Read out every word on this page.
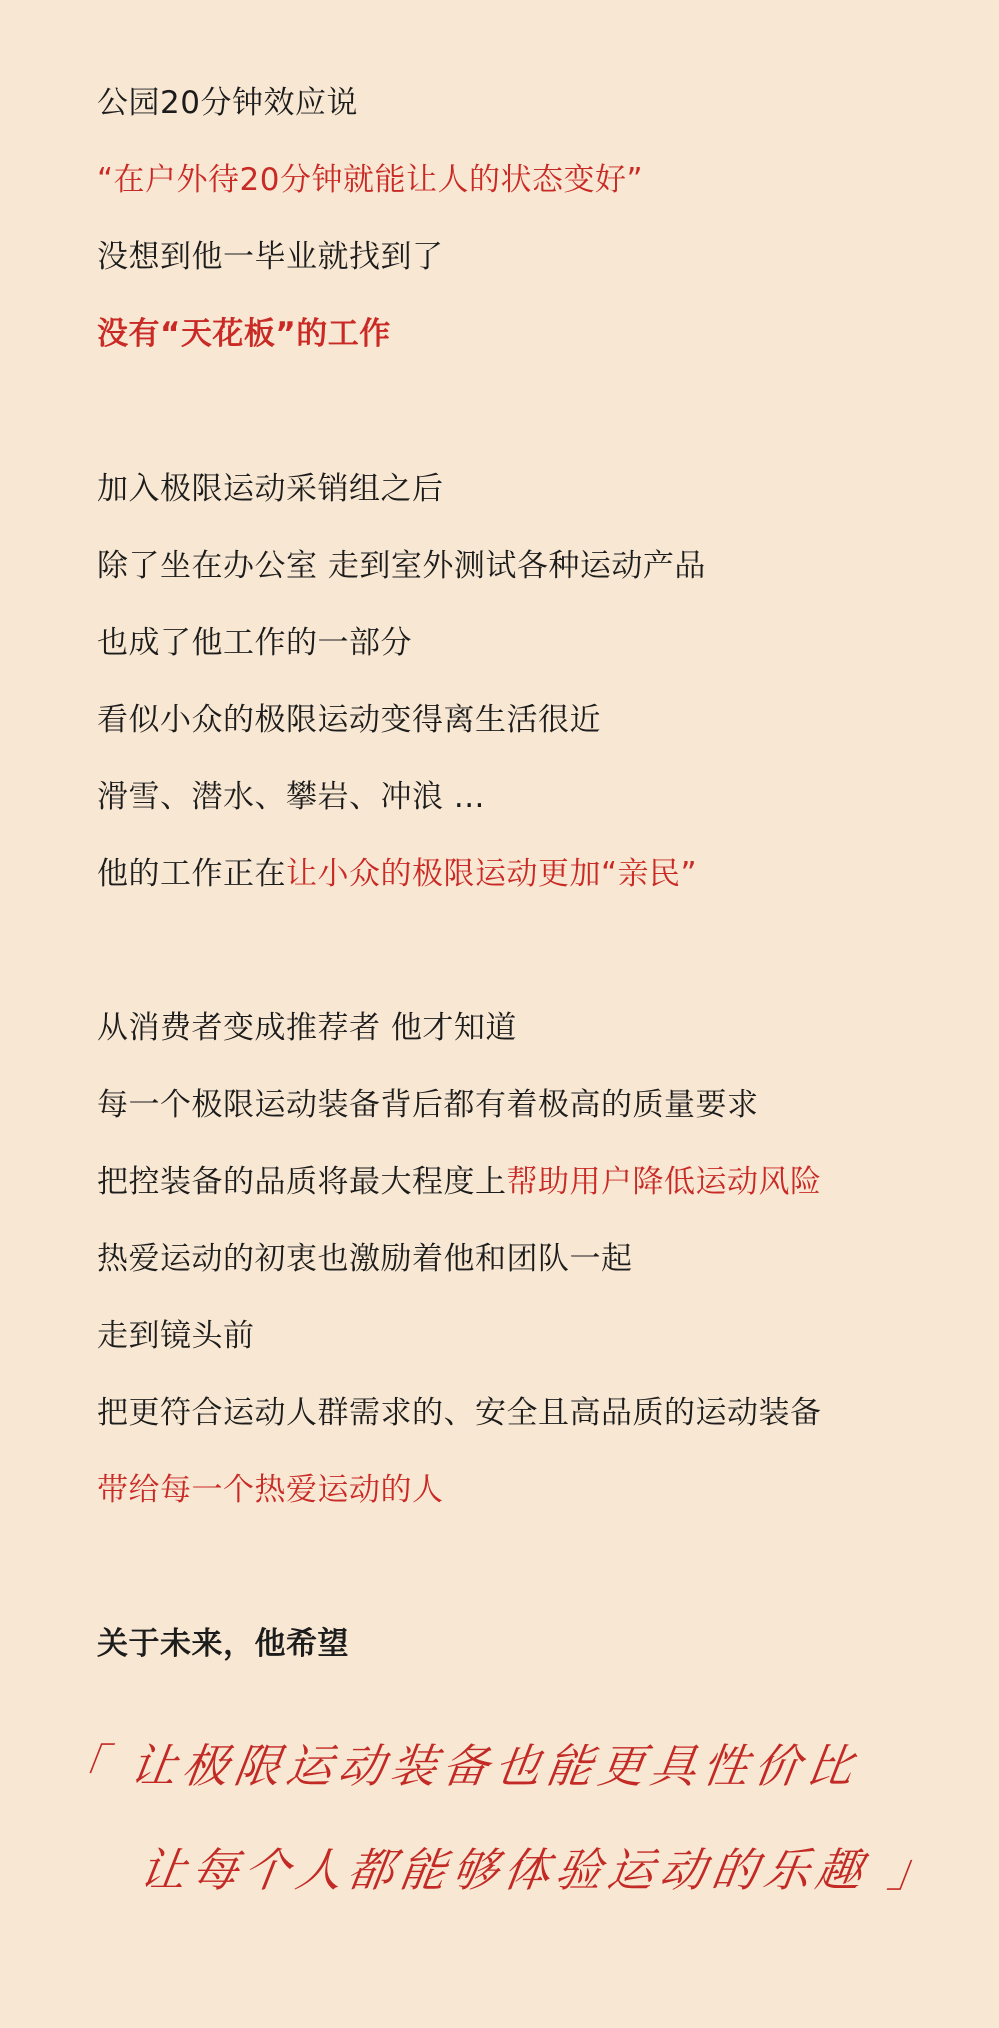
公园20分钟效应说
“在户外待20分钟就能让人的状态变好”
没想到他一毕业就找到了
没有“天花板”的工作
加入极限运动采销组之后
除了坐在办公室 走到室外测试各种运动产品
也成了他工作的一部分
看似小众的极限运动变得离生活很近
滑雪、潜水、攀岩、冲浪 ...
他的工作正在让小众的极限运动更加“亲民”
从消费者变成推荐者 他才知道
每一个极限运动装备背后都有着极高的质量要求
把控装备的品质将最大程度上帮助用户降低运动风险
热爱运动的初衷也激励着他和团队一起
走到镜头前
把更符合运动人群需求的、安全且高品质的运动装备
带给每一个热爱运动的人
关于未来，他希望
「 让极限运动装备也能更具性价比
让每个人都能够体验运动的乐趣 」
